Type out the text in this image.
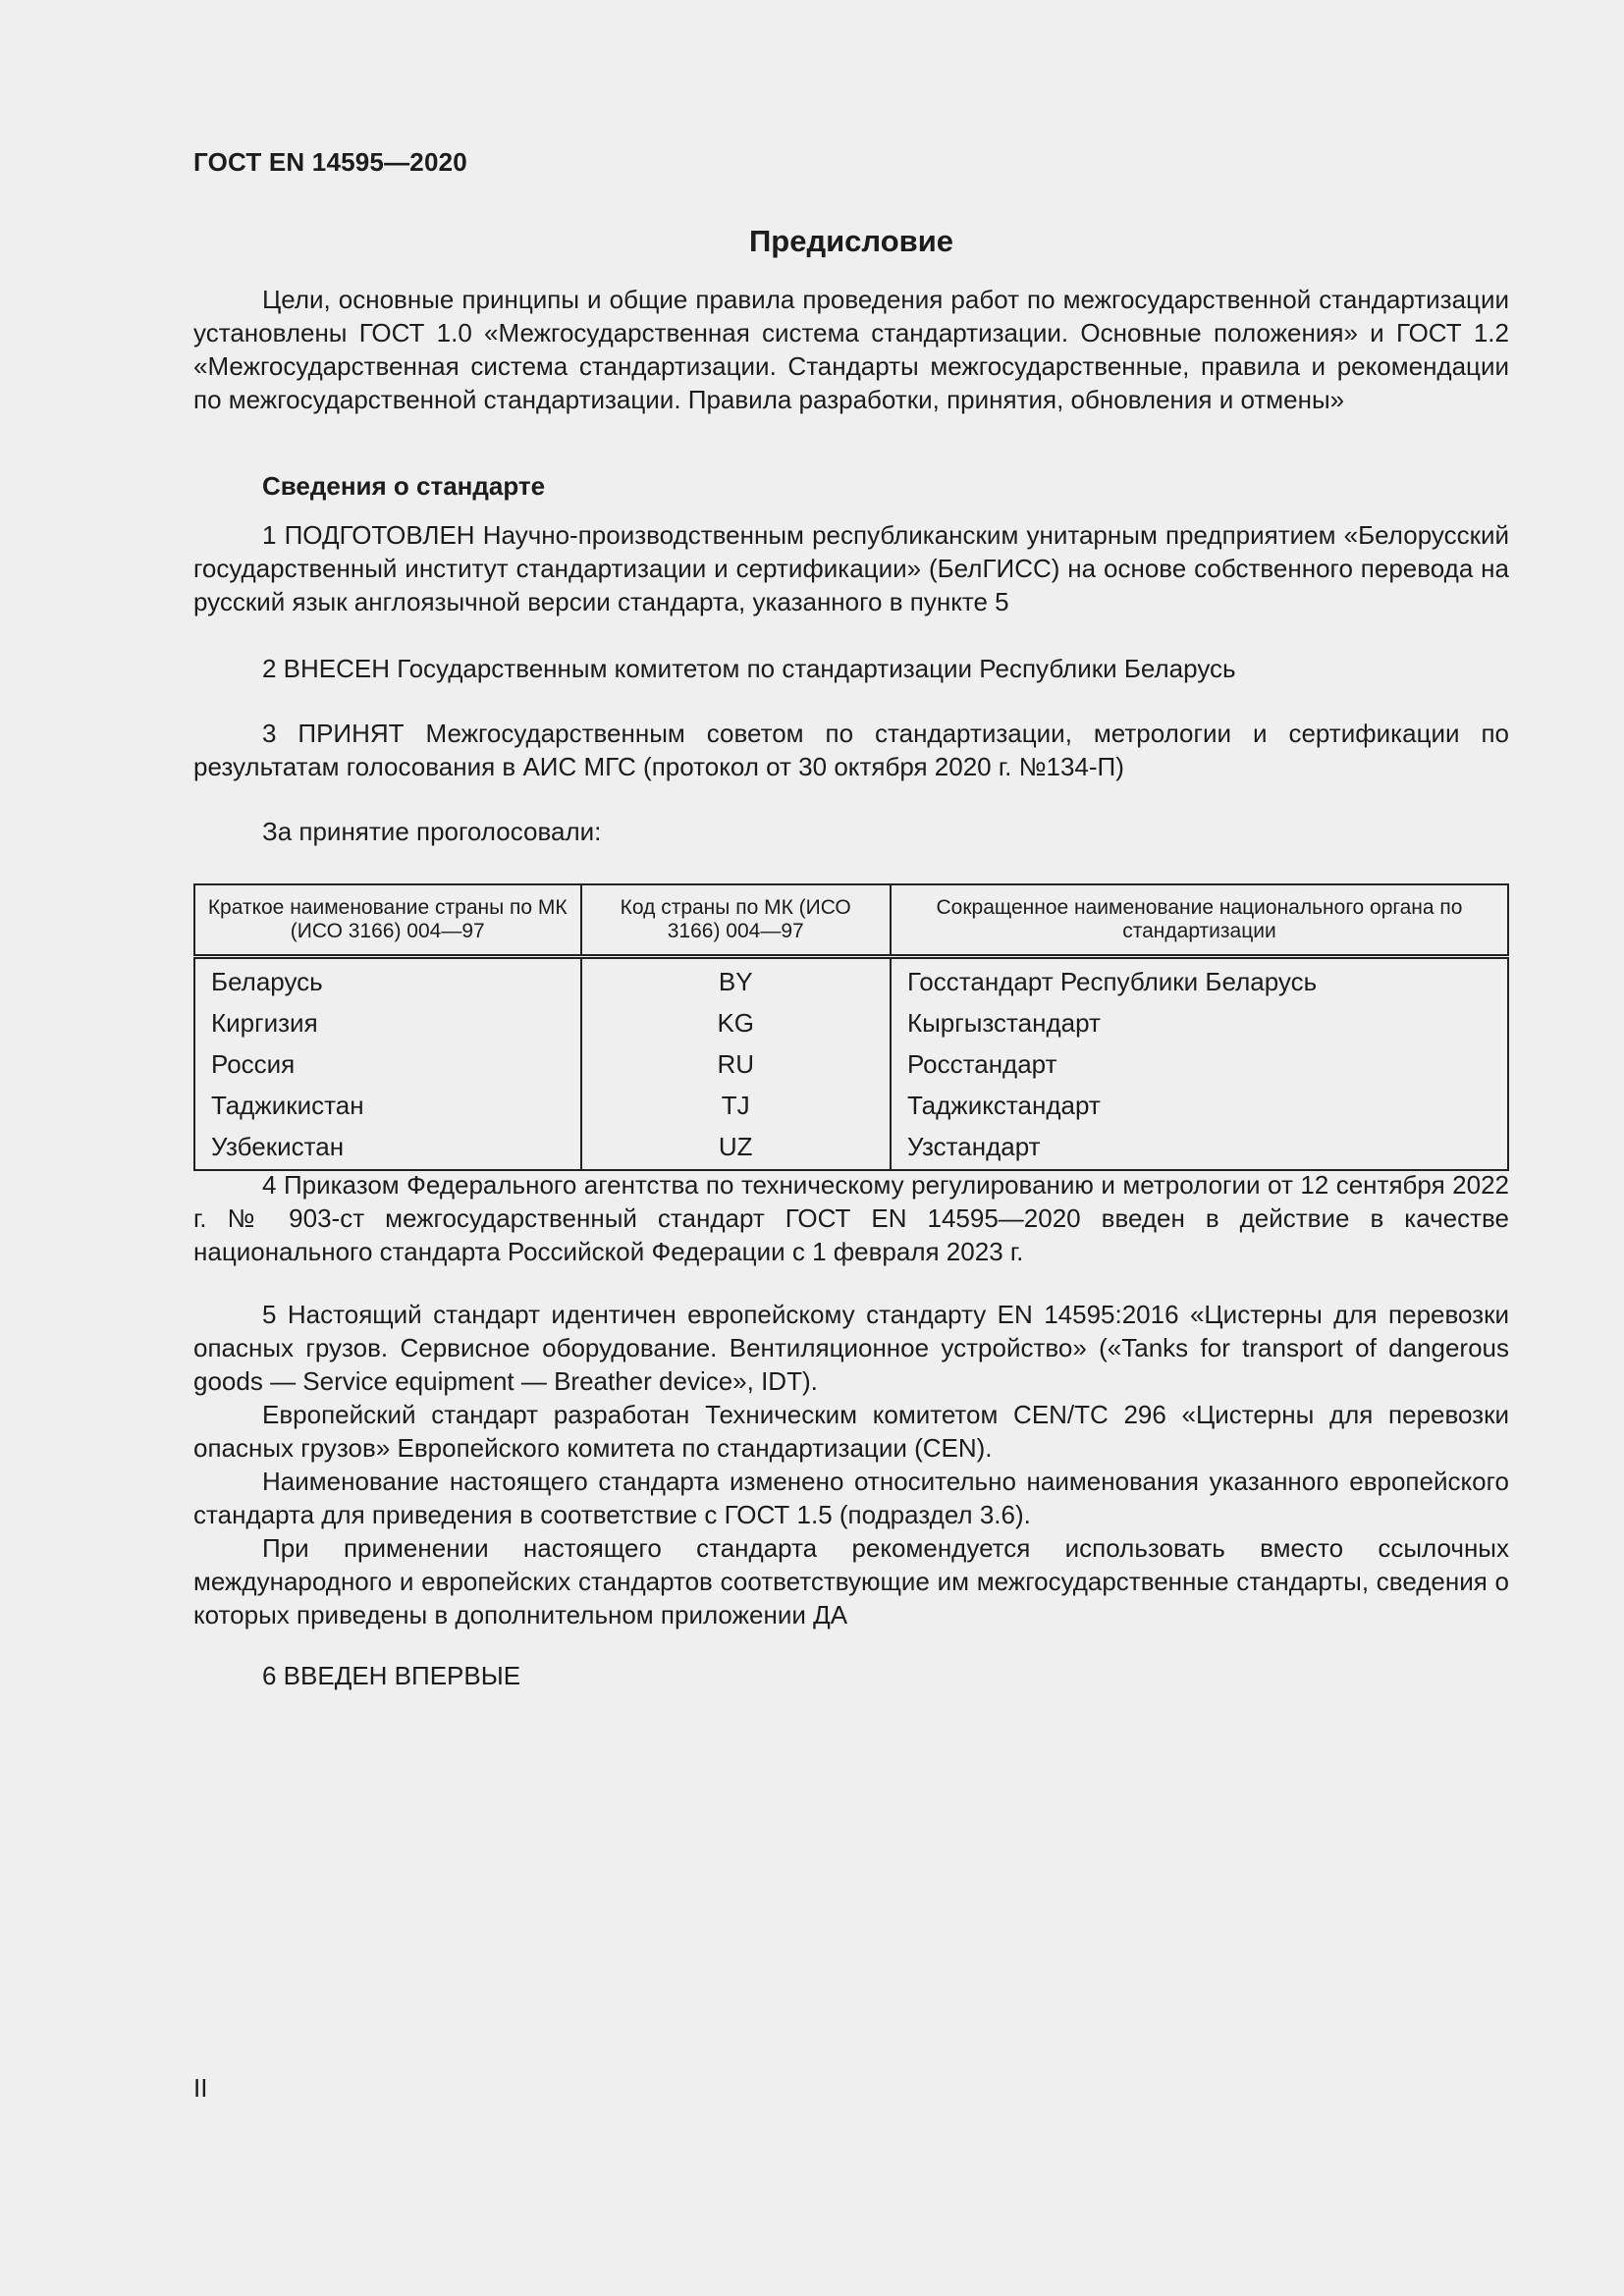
ГОСТ EN 14595—2020
Предисловие

Цели, основные принципы и общие правила проведения работ по межгосударственной стандартизации установлены ГОСТ 1.0 «Межгосударственная система стандартизации. Основные положения» и ГОСТ 1.2 «Межгосударственная система стандартизации. Стандарты межгосударственные, правила и рекомендации по межгосударственной стандартизации. Правила разработки, принятия, обновления и отмены»

Сведения о стандарте

1 ПОДГОТОВЛЕН Научно-производственным республиканским унитарным предприятием «Белорусский государственный институт стандартизации и сертификации» (БелГИСС) на основе собственного перевода на русский язык англоязычной версии стандарта, указанного в пункте 5

2 ВНЕСЕН Государственным комитетом по стандартизации Республики Беларусь

3 ПРИНЯТ Межгосударственным советом по стандартизации, метрологии и сертификации по результатам голосования в АИС МГС (протокол от 30 октября 2020 г. №134-П)

За принятие проголосовали:

Краткое наименование страны по МК (ИСО 3166) 004—97	Код страны по МК (ИСО 3166) 004—97	Сокращенное наименование национального органа по стандартизации
Беларусь	BY	Госстандарт Республики Беларусь
Киргизия	KG	Кыргызстандарт
Россия	RU	Росстандарт
Таджикистан	TJ	Таджикстандарт
Узбекистан	UZ	Узстандарт

4 Приказом Федерального агентства по техническому регулированию и метрологии от 12 сентября 2022 г. № 903-ст межгосударственный стандарт ГОСТ EN 14595—2020 введен в действие в качестве национального стандарта Российской Федерации с 1 февраля 2023 г.

5 Настоящий стандарт идентичен европейскому стандарту EN 14595:2016 «Цистерны для перевозки опасных грузов. Сервисное оборудование. Вентиляционное устройство» («Tanks for transport of dangerous goods — Service equipment — Breather device», IDT).

Европейский стандарт разработан Техническим комитетом CEN/TC 296 «Цистерны для перевозки опасных грузов» Европейского комитета по стандартизации (CEN).

Наименование настоящего стандарта изменено относительно наименования указанного европейского стандарта для приведения в соответствие с ГОСТ 1.5 (подраздел 3.6).

При применении настоящего стандарта рекомендуется использовать вместо ссылочных международного и европейских стандартов соответствующие им межгосударственные стандарты, сведения о которых приведены в дополнительном приложении ДА

6 ВВЕДЕН ВПЕРВЫЕ

II
